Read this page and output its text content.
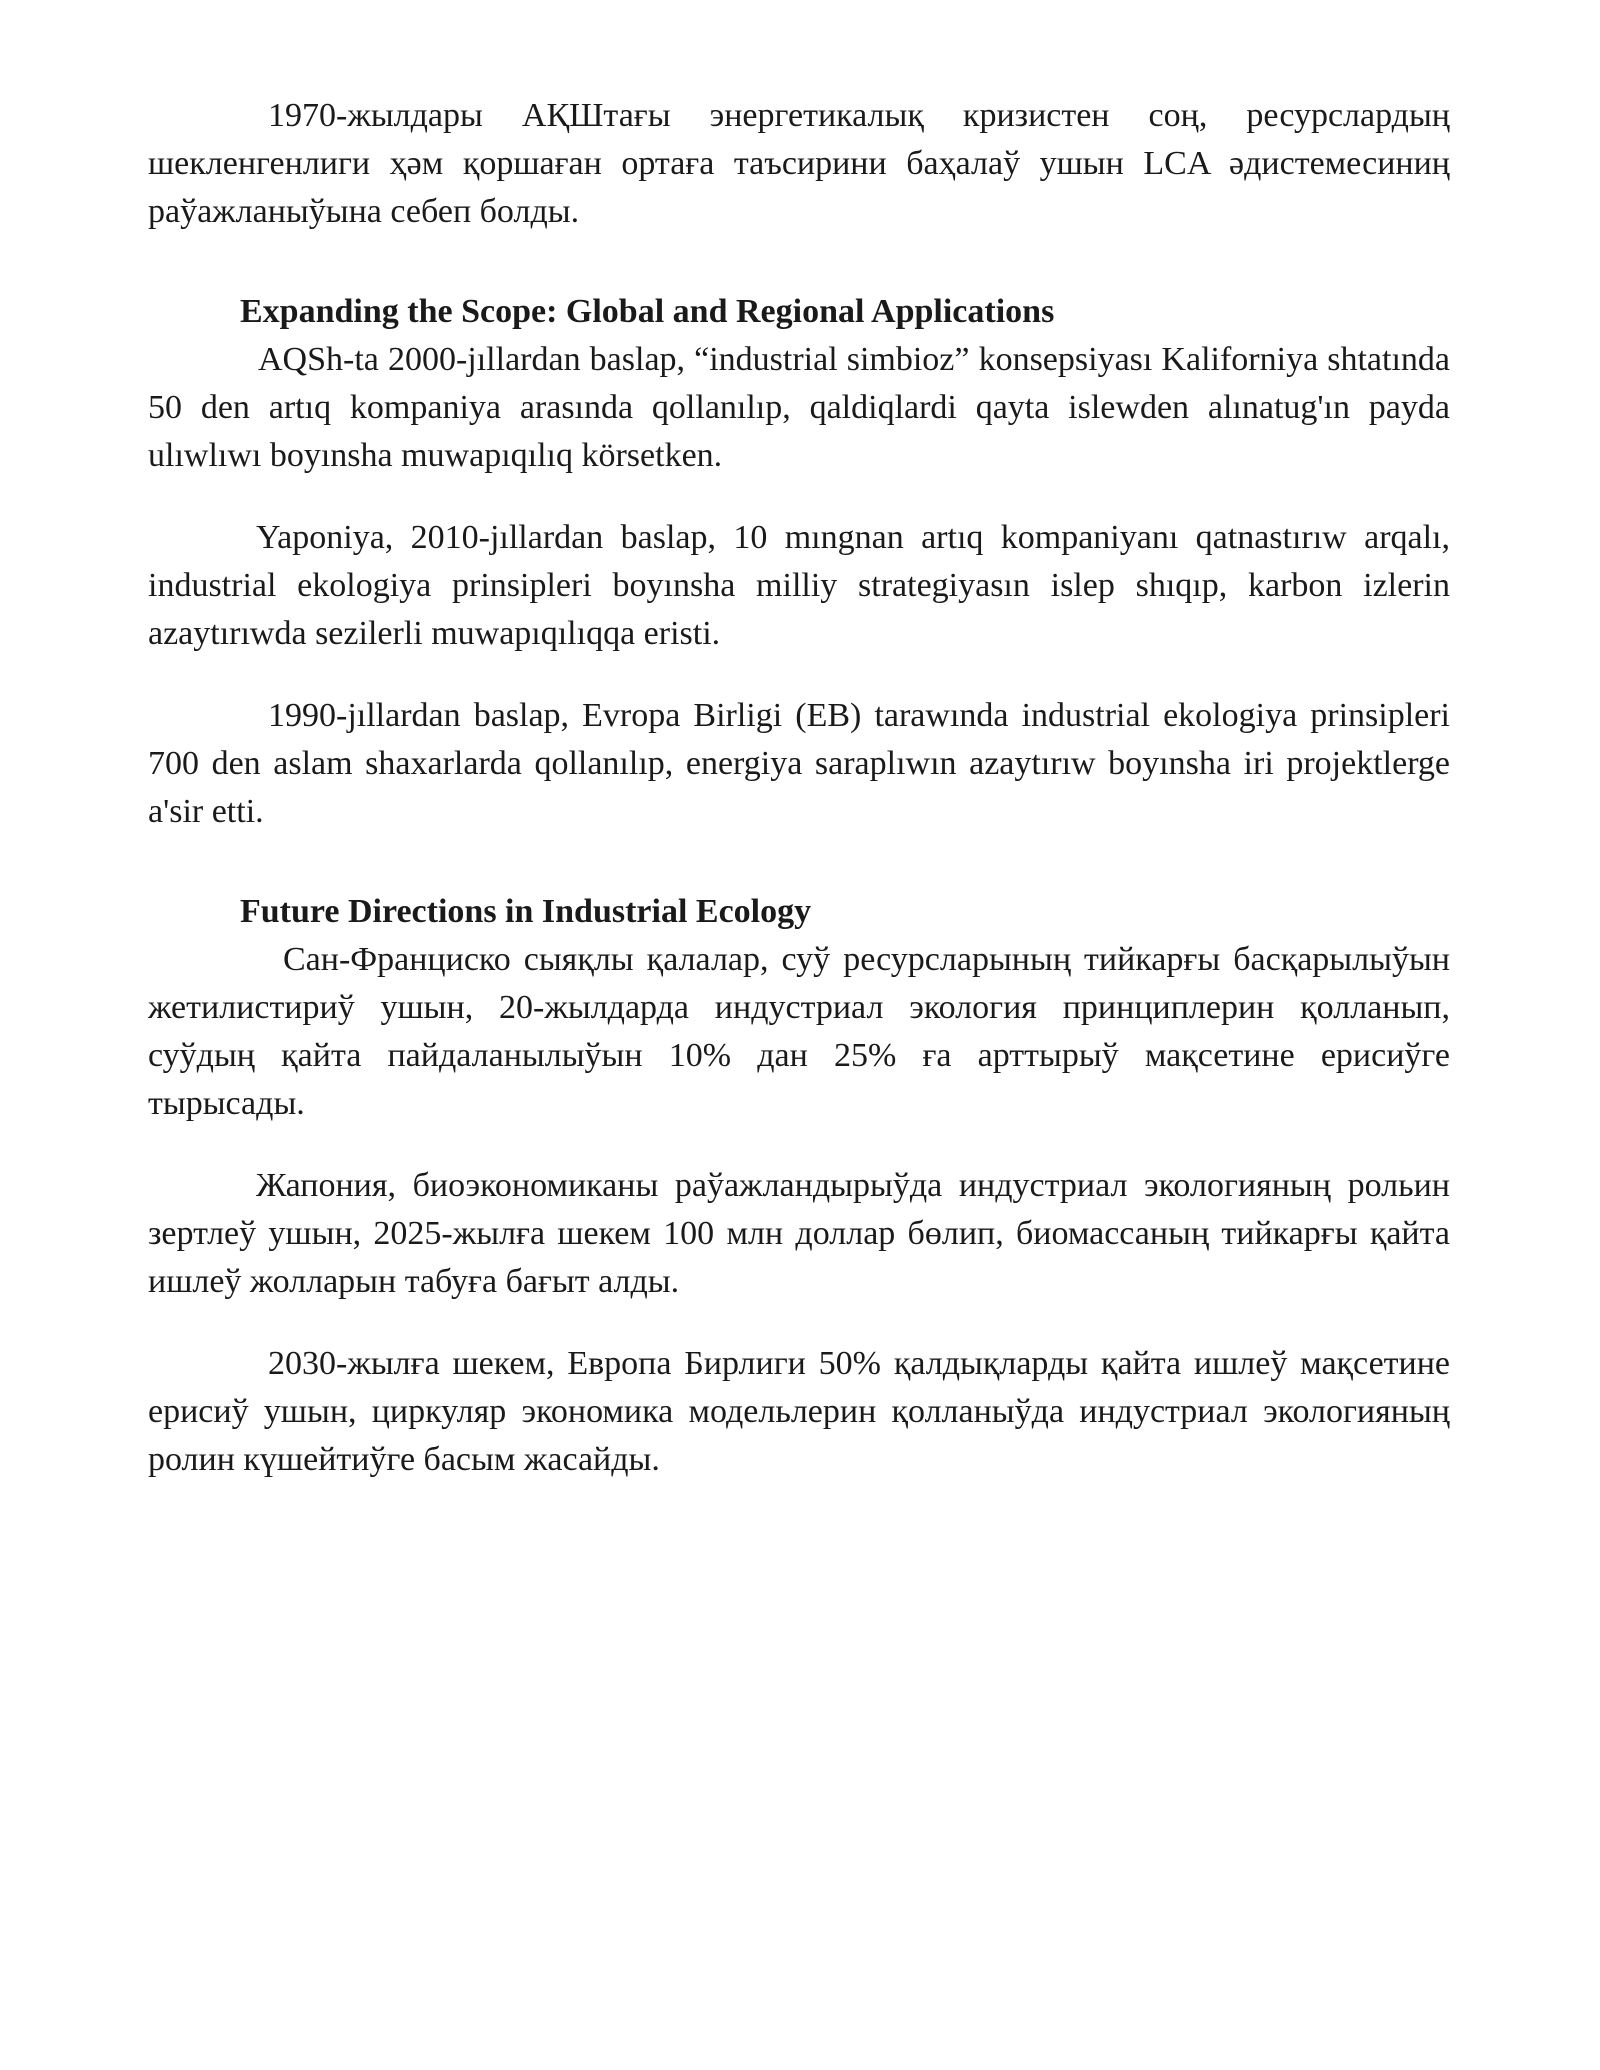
1970-жылдары АҚШтағы энергетикалық кризистен соң, ресурслардың шекленгенлиги ҳәм қоршаған ортаға таъсирини баҳалаў ушын LCA әдистемесиниң раўажланыўына себеп болды.

Expanding the Scope: Global and Regional Applications

AQSh-ta 2000-jıllardan baslap, “industrial simbioz” konsepsiyası Kaliforniya shtatında 50 den artıq kompaniya arasında qollanılıp, qaldiqlardi qayta islewden alınatug'ın payda ulıwlıwı boyınsha muwapıqılıq körsetken.

Yaponiya, 2010-jıllardan baslap, 10 mıngnan artıq kompaniyanı qatnastırıw arqalı, industrial ekologiya prinsipleri boyınsha milliy strategiyasın islep shıqıp, karbon izlerin azaytırıwda sezilerli muwapıqılıqqa eristi.

1990-jıllardan baslap, Evropa Birligi (EB) tarawında industrial ekologiya prinsipleri 700 den aslam shaxarlarda qollanılıp, energiya saraplıwın azaytırıw boyınsha iri projektlerge a'sir etti.

Future Directions in Industrial Ecology

Сан-Франциско сыяқлы қалалар, суў ресурсларының тийкарғы басқарылыўын жетилистириў ушын, 20-жылдарда индустриал экология принциплерин қолланып, суўдың қайта пайдаланылыўын 10% дан 25% ға арттырыў мақсетине ерисиўге тырысады.

Жапония, биоэкономиканы раўажландырыўда индустриал экологияның рольин зертлеў ушын, 2025-жылға шекем 100 млн доллар бөлип, биомассаның тийкарғы қайта ишлеў жолларын табуға бағыт алды.

2030-жылға шекем, Европа Бирлиги 50% қалдықларды қайта ишлеў мақсетине ерисиў ушын, циркуляр экономика модельлерин қолланыўда индустриал экологияның ролин күшейтиўге басым жасайды.
